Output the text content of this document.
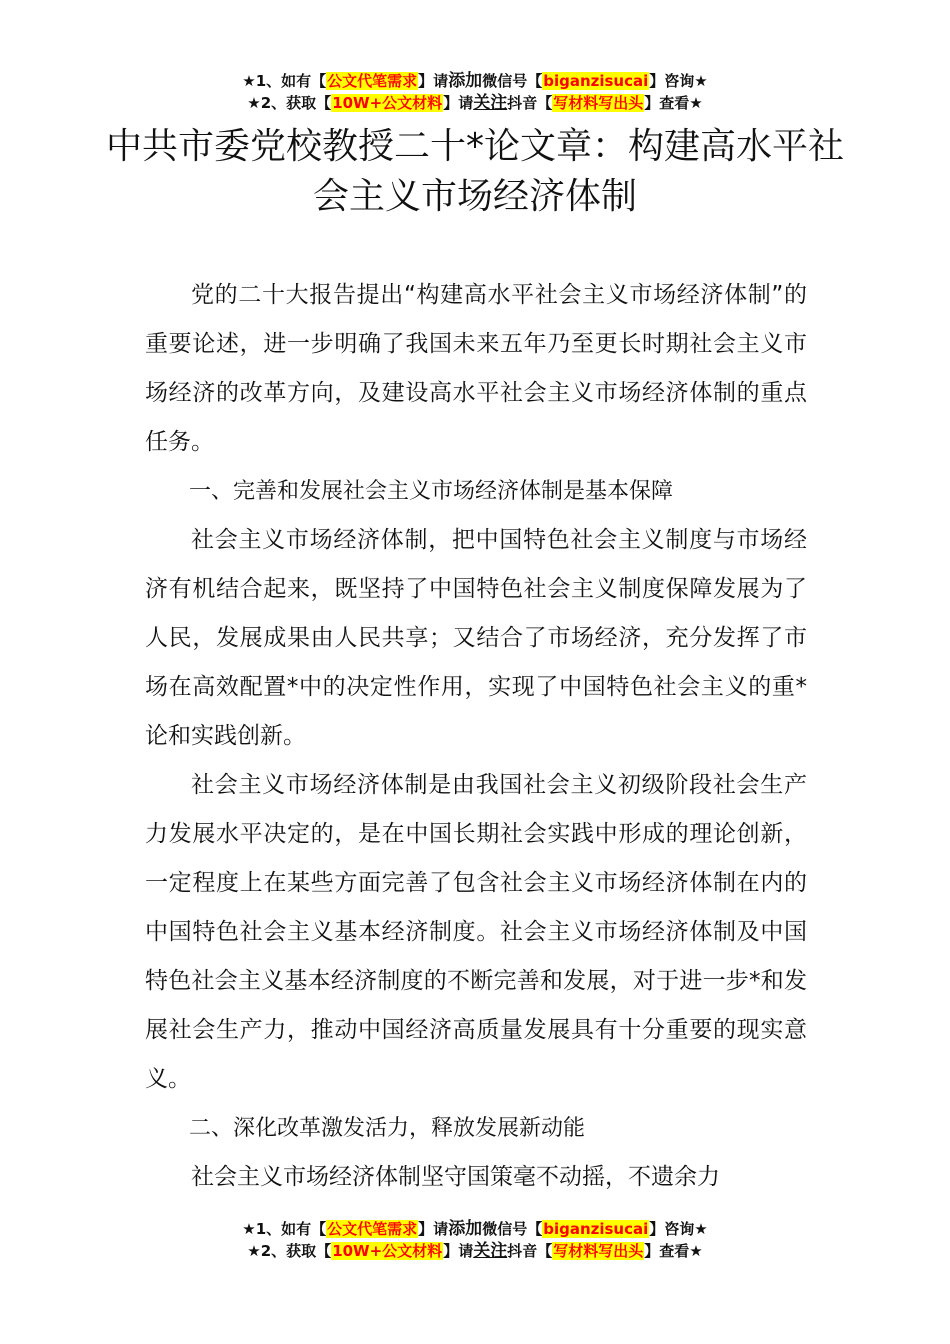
★1、如有【公文代笔需求】请添加微信号【biganzisucai】咨询★
★2、获取【10W+公文材料】请关注抖音【写材料写出头】查看★
中共市委党校教授二十*论文章：构建高水平社会主义市场经济体制

党的二十大报告提出“构建高水平社会主义市场经济体制”的重要论述，进一步明确了我国未来五年乃至更长时期社会主义市场经济的改革方向，及建设高水平社会主义市场经济体制的重点任务。

一、完善和发展社会主义市场经济体制是基本保障

社会主义市场经济体制，把中国特色社会主义制度与市场经济有机结合起来，既坚持了中国特色社会主义制度保障发展为了人民，发展成果由人民共享；又结合了市场经济，充分发挥了市场在高效配置*中的决定性作用，实现了中国特色社会主义的重*论和实践创新。

社会主义市场经济体制是由我国社会主义初级阶段社会生产力发展水平决定的，是在中国长期社会实践中形成的理论创新，一定程度上在某些方面完善了包含社会主义市场经济体制在内的中国特色社会主义基本经济制度。社会主义市场经济体制及中国特色社会主义基本经济制度的不断完善和发展，对于进一步*和发展社会生产力，推动中国经济高质量发展具有十分重要的现实意义。

二、深化改革激发活力，释放发展新动能

社会主义市场经济体制坚守国策毫不动摇，不遗余力

★1、如有【公文代笔需求】请添加微信号【biganzisucai】咨询★
★2、获取【10W+公文材料】请关注抖音【写材料写出头】查看★
